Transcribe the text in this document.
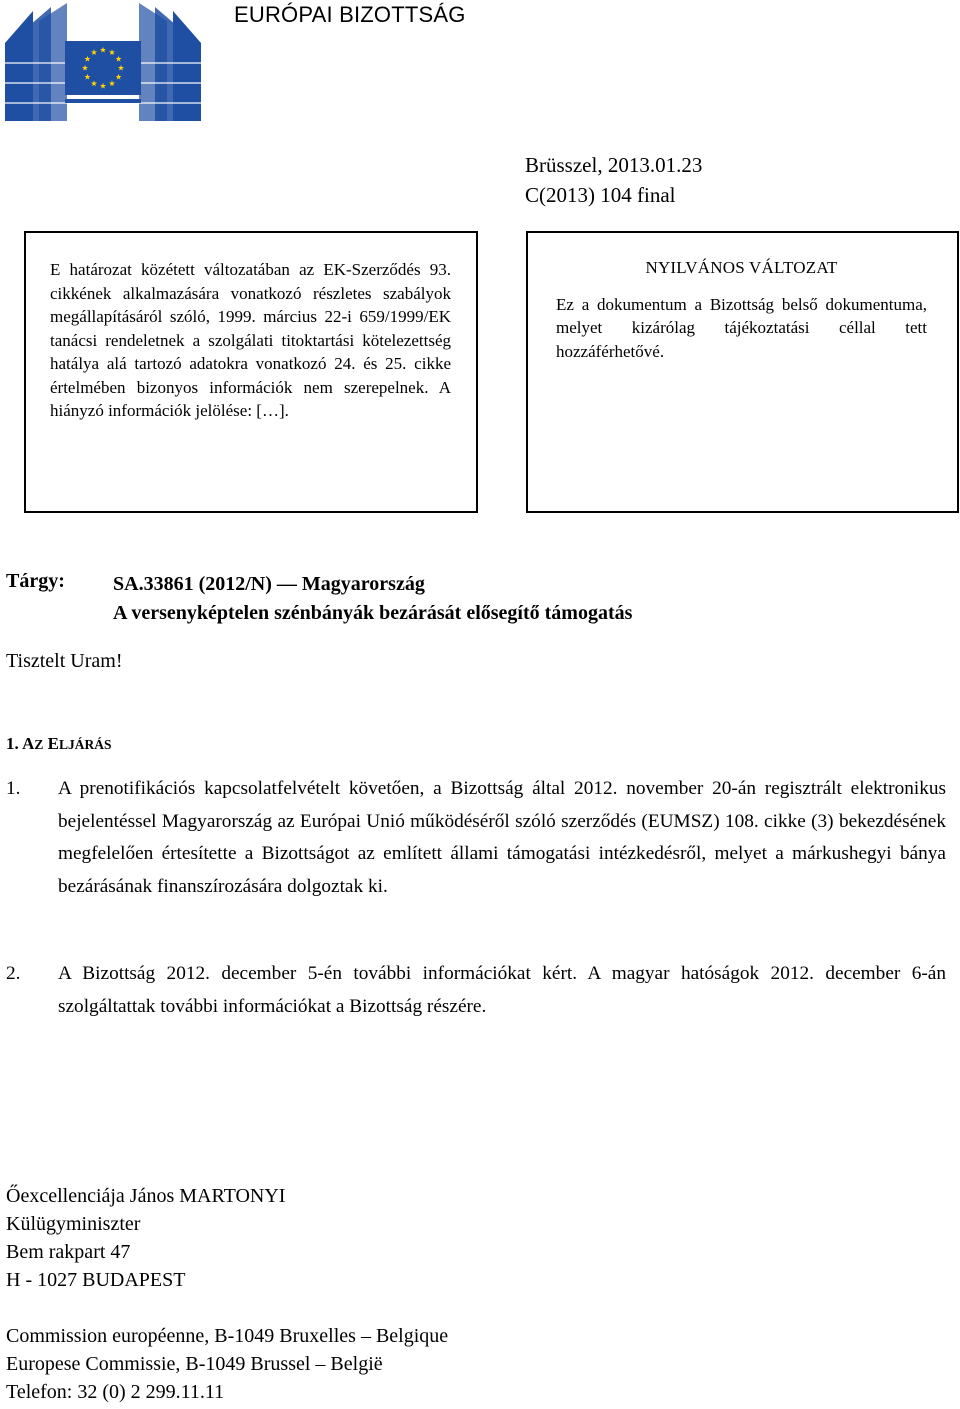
EURÓPAI BIZOTTSÁG
Brüsszel, 2013.01.23
C(2013) 104 final
E határozat közétett változatában az EK-Szerződés 93. cikkének alkalmazására vonatkozó részletes szabályok megállapításáról szóló, 1999. március 22-i 659/1999/EK tanácsi rendeletnek a szolgálati titoktartási kötelezettség hatálya alá tartozó adatokra vonatkozó 24. és 25. cikke értelmében bizonyos információk nem szerepelnek. A hiányzó információk jelölése: […].
NYILVÁNOS VÁLTOZAT
Ez a dokumentum a Bizottság belső dokumentuma, melyet kizárólag tájékoztatási céllal tett hozzáférhetővé.
Tárgy: SA.33861 (2012/N) — Magyarország
A versenyképtelen szénbányák bezárását elősegítő támogatás
Tisztelt Uram!
1. AZ ELJÁRÁS
1. A prenotifikációs kapcsolatfelvételt követően, a Bizottság által 2012. november 20-án regisztrált elektronikus bejelentéssel Magyarország az Európai Unió működéséről szóló szerződés (EUMSZ) 108. cikke (3) bekezdésének megfelelően értesítette a Bizottságot az említett állami támogatási intézkedésről, melyet a márkushegyi bánya bezárásának finanszírozására dolgoztak ki.
2. A Bizottság 2012. december 5-én további információkat kért. A magyar hatóságok 2012. december 6-án szolgáltattak további információkat a Bizottság részére.
Őexcellenciája János MARTONYI
Külügyminiszter
Bem rakpart 47
H - 1027 BUDAPEST
Commission européenne, B-1049 Bruxelles – Belgique
Europese Commissie, B-1049 Brussel – België
Telefon: 32 (0) 2 299.11.11
